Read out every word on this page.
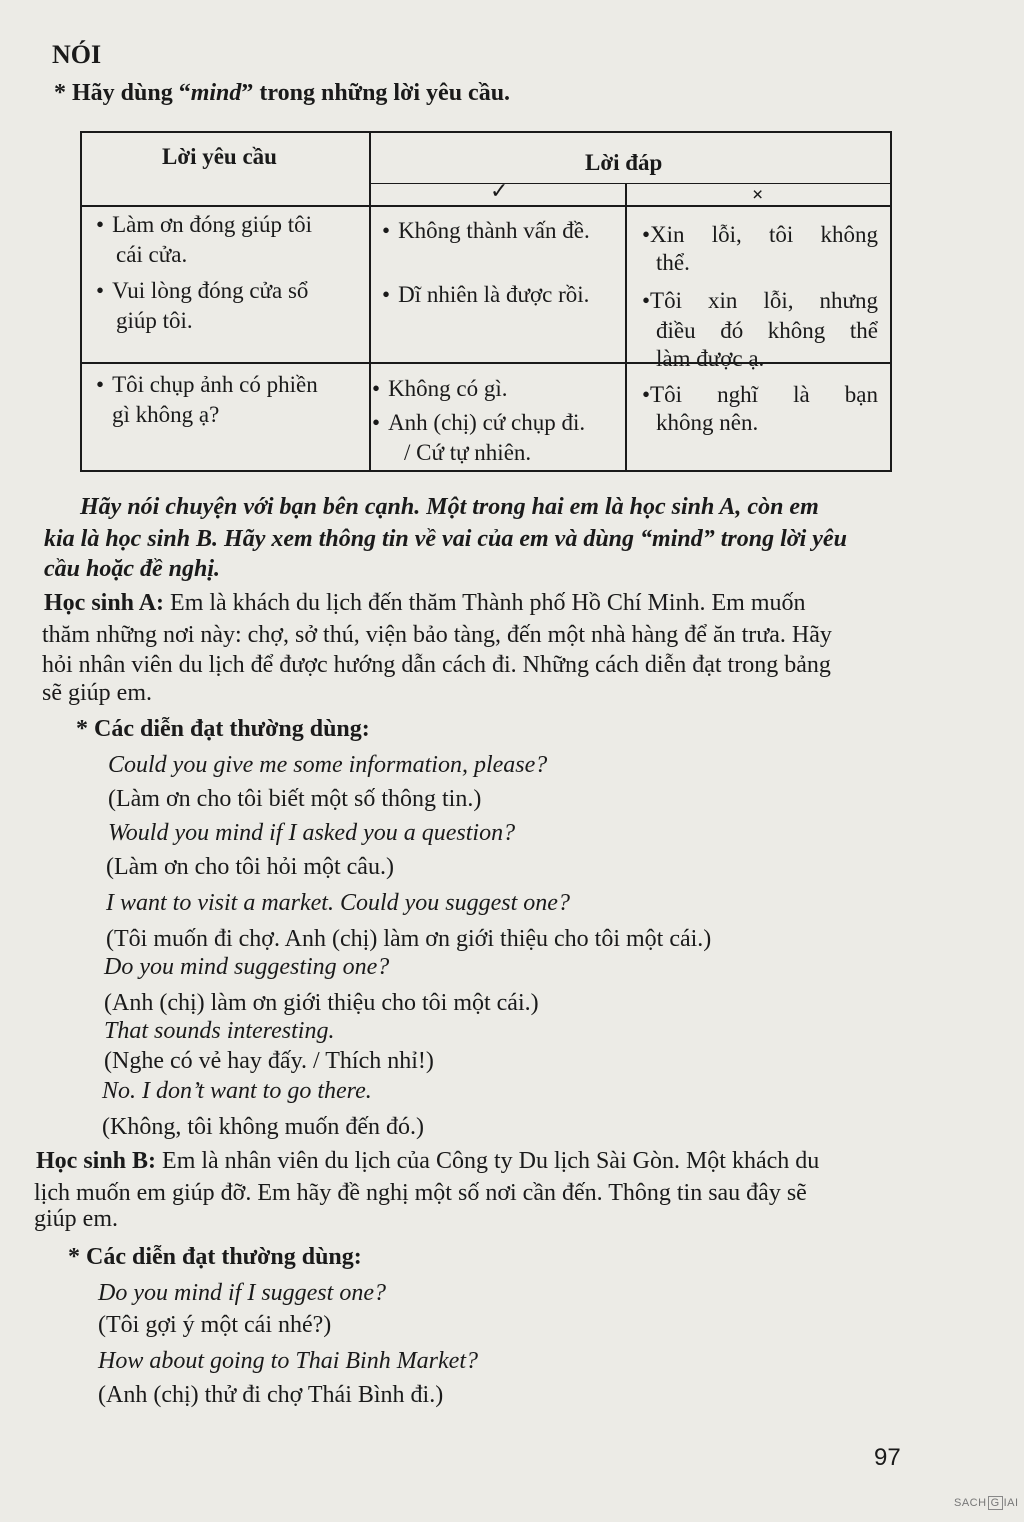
NÓI
* Hãy dùng “mind” trong những lời yêu cầu.
Lời yêu cầu	Lời đáp
✓	×
• Làm ơn đóng giúp tôi
cái cửa.
• Vui lòng đóng cửa sổ
giúp tôi.
• Không thành vấn đề.
• Dĩ nhiên là được rồi.
•Xin lỗi, tôi không
thể.
•Tôi xin lỗi, nhưng
điều đó không thể
làm được ạ.
• Tôi chụp ảnh có phiền
gì không ạ?
• Không có gì.
• Anh (chị) cứ chụp đi.
/ Cứ tự nhiên.
•Tôi nghĩ là bạn
không nên.
Hãy nói chuyện với bạn bên cạnh. Một trong hai em là học sinh A, còn em
kia là học sinh B. Hãy xem thông tin về vai của em và dùng “mind” trong lời yêu
cầu hoặc đề nghị.
Học sinh A: Em là khách du lịch đến thăm Thành phố Hồ Chí Minh. Em muốn
thăm những nơi này: chợ, sở thú, viện bảo tàng, đến một nhà hàng để ăn trưa. Hãy
hỏi nhân viên du lịch để được hướng dẫn cách đi. Những cách diễn đạt trong bảng
sẽ giúp em.
* Các diễn đạt thường dùng:
Could you give me some information, please?
(Làm ơn cho tôi biết một số thông tin.)
Would you mind if I asked you a question?
(Làm ơn cho tôi hỏi một câu.)
I want to visit a market. Could you suggest one?
(Tôi muốn đi chợ. Anh (chị) làm ơn giới thiệu cho tôi một cái.)
Do you mind suggesting one?
(Anh (chị) làm ơn giới thiệu cho tôi một cái.)
That sounds interesting.
(Nghe có vẻ hay đấy. / Thích nhỉ!)
No. I don’t want to go there.
(Không, tôi không muốn đến đó.)
Học sinh B: Em là nhân viên du lịch của Công ty Du lịch Sài Gòn. Một khách du
lịch muốn em giúp đỡ. Em hãy đề nghị một số nơi cần đến. Thông tin sau đây sẽ
giúp em.
* Các diễn đạt thường dùng:
Do you mind if I suggest one?
(Tôi gợi ý một cái nhé?)
How about going to Thai Binh Market?
(Anh (chị) thử đi chợ Thái Bình đi.)
97
SACH G IAI
